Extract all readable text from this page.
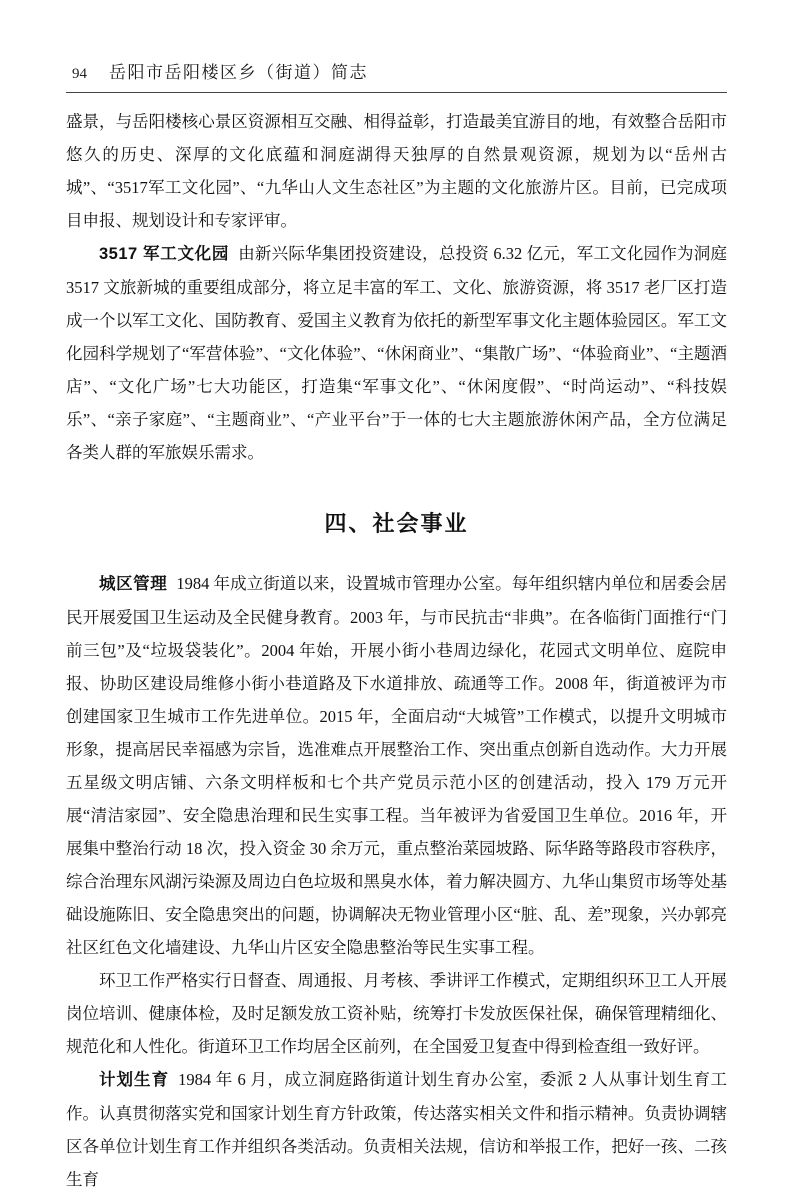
94 岳阳市岳阳楼区乡（街道）简志

盛景，与岳阳楼核心景区资源相互交融、相得益彰，打造最美宜游目的地，有效整合岳阳市悠久的历史、深厚的文化底蕴和洞庭湖得天独厚的自然景观资源，规划为以“岳州古城”、“3517军工文化园”、“九华山人文生态社区”为主题的文化旅游片区。目前，已完成项目申报、规划设计和专家评审。

3517 军工文化园 由新兴际华集团投资建设，总投资 6.32 亿元，军工文化园作为洞庭 3517 文旅新城的重要组成部分，将立足丰富的军工、文化、旅游资源，将 3517 老厂区打造成一个以军工文化、国防教育、爱国主义教育为依托的新型军事文化主题体验园区。军工文化园科学规划了“军营体验”、“文化体验”、“休闲商业”、“集散广场”、“体验商业”、“主题酒店”、“文化广场”七大功能区，打造集“军事文化”、“休闲度假”、“时尚运动”、“科技娱乐”、“亲子家庭”、“主题商业”、“产业平台”于一体的七大主题旅游休闲产品，全方位满足各类人群的军旅娱乐需求。

四、社会事业

城区管理 1984 年成立街道以来，设置城市管理办公室。每年组织辖内单位和居委会居民开展爱国卫生运动及全民健身教育。2003 年，与市民抗击“非典”。在各临街门面推行“门前三包”及“垃圾袋装化”。2004 年始，开展小街小巷周边绿化，花园式文明单位、庭院申报、协助区建设局维修小街小巷道路及下水道排放、疏通等工作。2008 年，街道被评为市创建国家卫生城市工作先进单位。2015 年，全面启动“大城管”工作模式，以提升文明城市形象，提高居民幸福感为宗旨，选准难点开展整治工作、突出重点创新自选动作。大力开展五星级文明店铺、六条文明样板和七个共产党员示范小区的创建活动，投入 179 万元开展“清洁家园”、安全隐患治理和民生实事工程。当年被评为省爱国卫生单位。2016 年，开展集中整治行动 18 次，投入资金 30 余万元，重点整治菜园坡路、际华路等路段市容秩序，综合治理东风湖污染源及周边白色垃圾和黑臭水体，着力解决圆方、九华山集贸市场等处基础设施陈旧、安全隐患突出的问题，协调解决无物业管理小区“脏、乱、差”现象，兴办郭亮社区红色文化墙建设、九华山片区安全隐患整治等民生实事工程。

环卫工作严格实行日督查、周通报、月考核、季讲评工作模式，定期组织环卫工人开展岗位培训、健康体检，及时足额发放工资补贴，统筹打卡发放医保社保，确保管理精细化、规范化和人性化。街道环卫工作均居全区前列，在全国爱卫复查中得到检查组一致好评。

计划生育 1984 年 6 月，成立洞庭路街道计划生育办公室，委派 2 人从事计划生育工作。认真贯彻落实党和国家计划生育方针政策，传达落实相关文件和指示精神。负责协调辖区各单位计划生育工作并组织各类活动。负责相关法规，信访和举报工作，把好一孩、二孩生育
